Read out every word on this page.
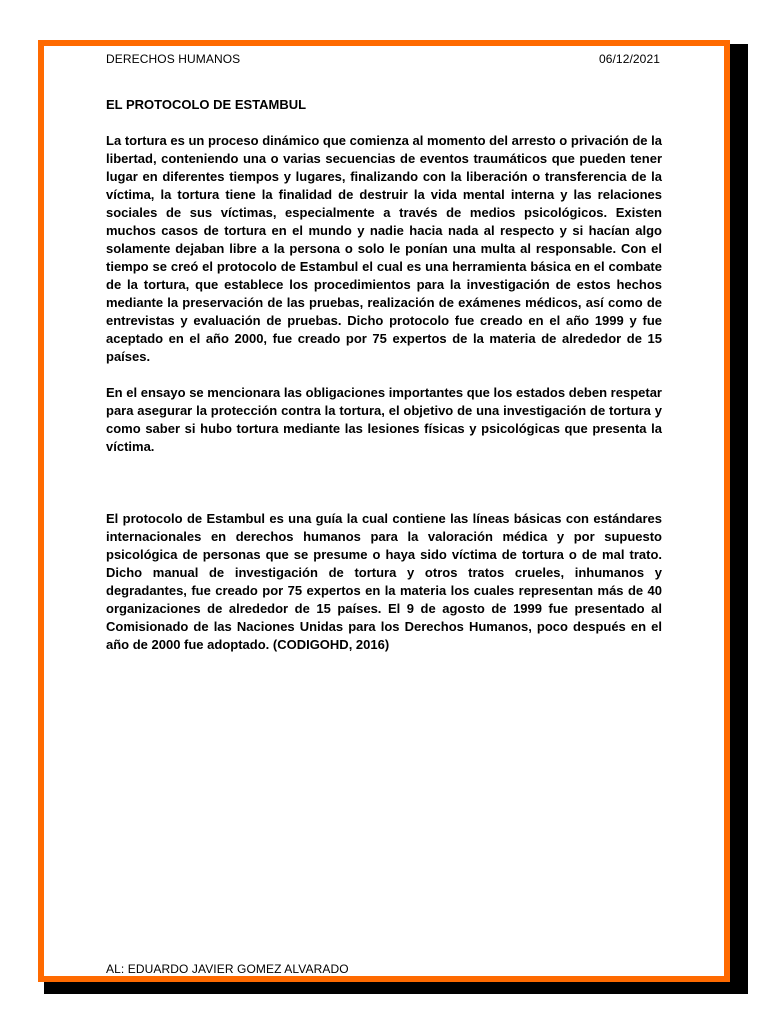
DERECHOS HUMANOS	06/12/2021
EL PROTOCOLO DE ESTAMBUL

La tortura es un proceso dinámico que comienza al momento del arresto o privación de la libertad, conteniendo una o varias secuencias de eventos traumáticos que pueden tener lugar en diferentes tiempos y lugares, finalizando con la liberación o transferencia de la víctima, la tortura tiene la finalidad de destruir la vida mental interna y las relaciones sociales de sus víctimas, especialmente a través de medios psicológicos. Existen muchos casos de tortura en el mundo y nadie hacia nada al respecto y si hacían algo solamente dejaban libre a la persona o solo le ponían una multa al responsable. Con el tiempo se creó el protocolo de Estambul el cual es una herramienta básica en el combate de la tortura, que establece los procedimientos para la investigación de estos hechos mediante la preservación de las pruebas, realización de exámenes médicos, así como de entrevistas y evaluación de pruebas. Dicho protocolo fue creado en el año 1999 y fue aceptado en el año 2000, fue creado por 75 expertos de la materia de alrededor de 15 países.

En el ensayo se mencionara las obligaciones importantes que los estados deben respetar para asegurar la protección contra la tortura, el objetivo de una investigación de tortura y como saber si hubo tortura mediante las lesiones físicas y psicológicas que presenta la víctima.

El protocolo de Estambul es una guía la cual contiene las líneas básicas con estándares internacionales en derechos humanos para la valoración médica y por supuesto psicológica de personas que se presume o haya sido víctima de tortura o de mal trato. Dicho manual de investigación de tortura y otros tratos crueles, inhumanos y degradantes, fue creado por 75 expertos en la materia los cuales representan más de 40 organizaciones de alrededor de 15 países. El 9 de agosto de 1999 fue presentado al Comisionado de las Naciones Unidas para los Derechos Humanos, poco después en el año de 2000 fue adoptado. (CODIGOHD, 2016)

AL: EDUARDO JAVIER GOMEZ ALVARADO
